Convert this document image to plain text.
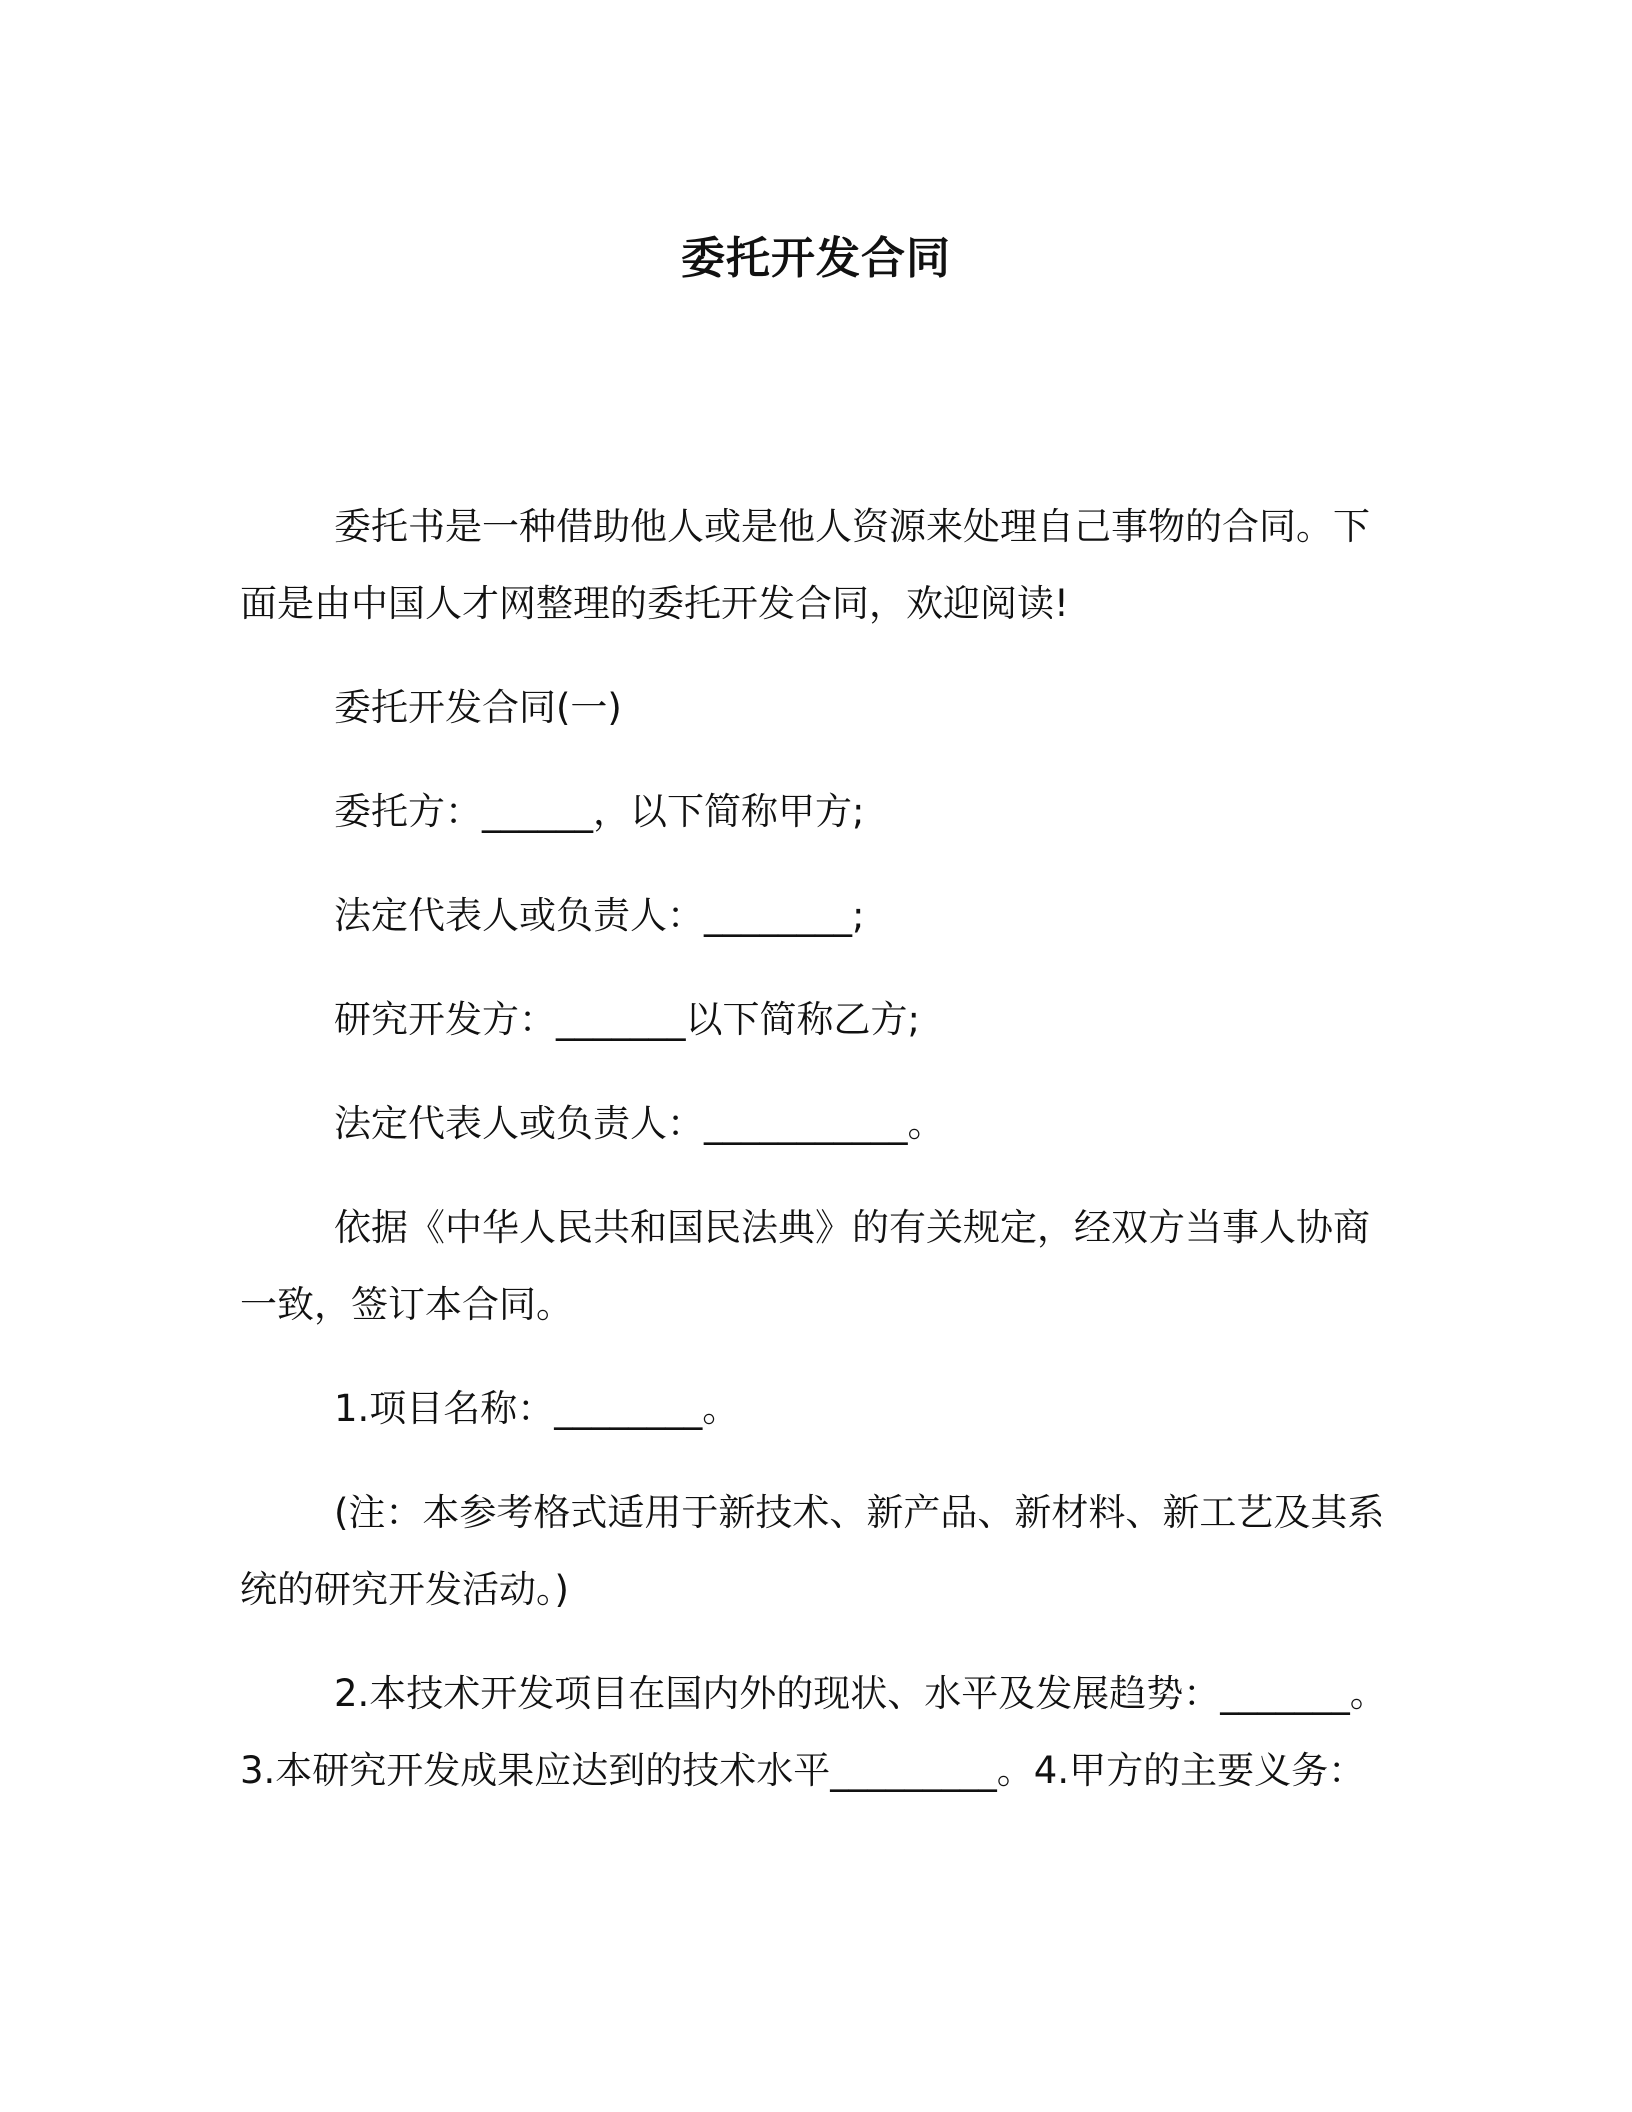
委托开发合同

委托书是一种借助他人或是他人资源来处理自己事物的合同。下面是由中国人才网整理的委托开发合同，欢迎阅读!

委托开发合同(一)

委托方：______，以下简称甲方;

法定代表人或负责人：________;

研究开发方：_______以下简称乙方;

法定代表人或负责人：___________。

依据《中华人民共和国民法典》的有关规定，经双方当事人协商一致，签订本合同。

1.项目名称：________。

(注：本参考格式适用于新技术、新产品、新材料、新工艺及其系统的研究开发活动。)

2.本技术开发项目在国内外的现状、水平及发展趋势：_______。3.本研究开发成果应达到的技术水平_________。4.甲方的主要义务：
